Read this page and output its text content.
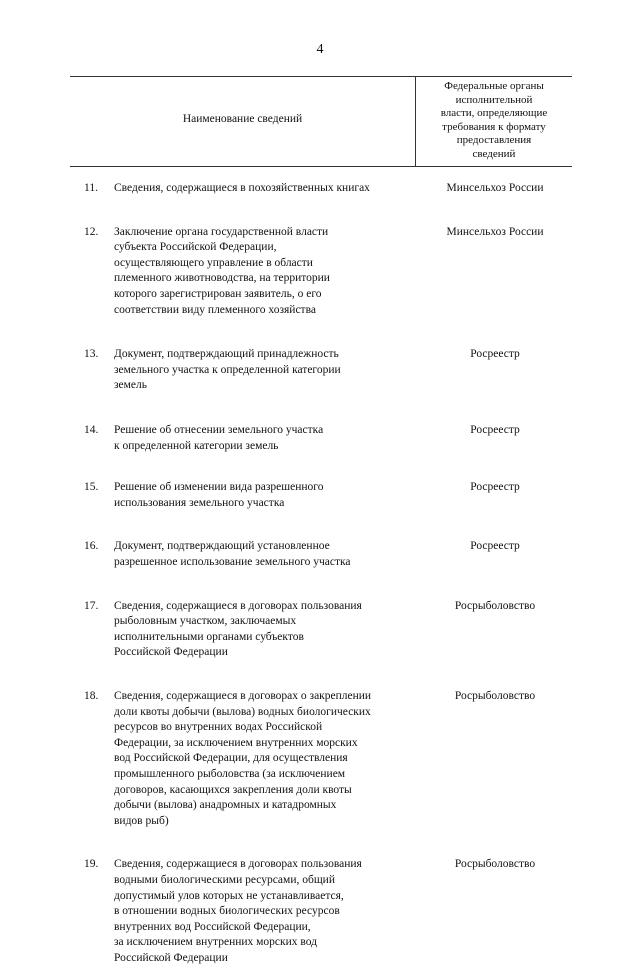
4
Наименование сведений
Федеральные органы
исполнительной
власти, определяющие
требования к формату
предоставления
сведений
11. Сведения, содержащиеся в похозяйственных книгах	Минсельхоз России
12. Заключение органа государственной власти
субъекта Российской Федерации,
осуществляющего управление в области
племенного животноводства, на территории
которого зарегистрирован заявитель, о его
соответствии виду племенного хозяйства
Минсельхоз России
13. Документ, подтверждающий принадлежность
земельного участка к определенной категории
земель
Росреестр
14. Решение об отнесении земельного участка
к определенной категории земель
Росреестр
15. Решение об изменении вида разрешенного
использования земельного участка
Росреестр
16. Документ, подтверждающий установленное
разрешенное использование земельного участка
Росреестр
17. Сведения, содержащиеся в договорах пользования
рыболовным участком, заключаемых
исполнительными органами субъектов
Российской Федерации
Росрыболовство
18. Сведения, содержащиеся в договорах о закреплении
доли квоты добычи (вылова) водных биологических
ресурсов во внутренних водах Российской
Федерации, за исключением внутренних морских
вод Российской Федерации, для осуществления
промышленного рыболовства (за исключением
договоров, касающихся закрепления доли квоты
добычи (вылова) анадромных и катадромных
видов рыб)
Росрыболовство
19. Сведения, содержащиеся в договорах пользования
водными биологическими ресурсами, общий
допустимый улов которых не устанавливается,
в отношении водных биологических ресурсов
внутренних вод Российской Федерации,
за исключением внутренних морских вод
Российской Федерации
Росрыболовство
